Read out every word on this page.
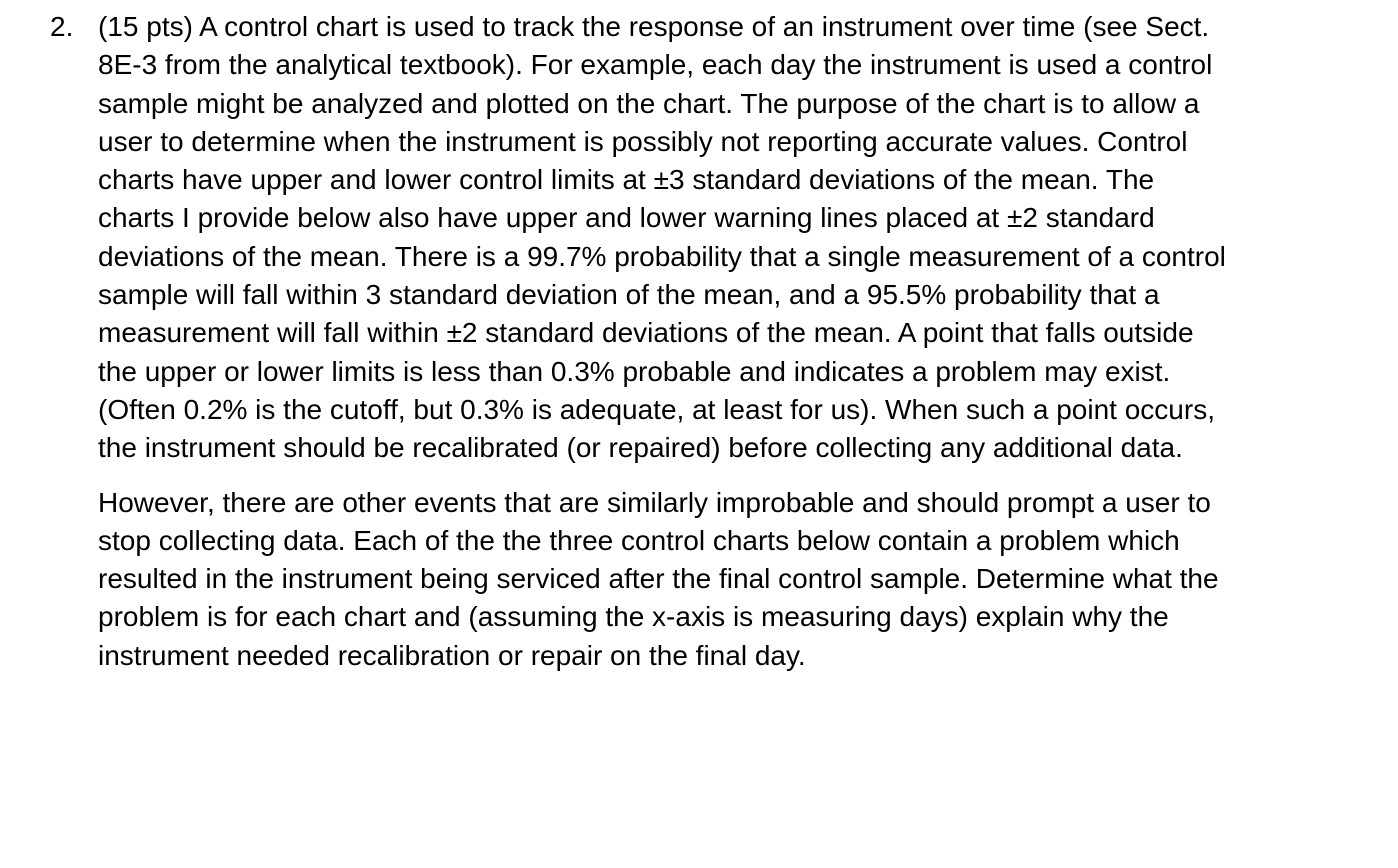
2. (15 pts) A control chart is used to track the response of an instrument over time (see Sect.
8E-3 from the analytical textbook). For example, each day the instrument is used a control
sample might be analyzed and plotted on the chart. The purpose of the chart is to allow a
user to determine when the instrument is possibly not reporting accurate values. Control
charts have upper and lower control limits at ±3 standard deviations of the mean. The
charts I provide below also have upper and lower warning lines placed at ±2 standard
deviations of the mean. There is a 99.7% probability that a single measurement of a control
sample will fall within 3 standard deviation of the mean, and a 95.5% probability that a
measurement will fall within ±2 standard deviations of the mean. A point that falls outside
the upper or lower limits is less than 0.3% probable and indicates a problem may exist.
(Often 0.2% is the cutoff, but 0.3% is adequate, at least for us). When such a point occurs,
the instrument should be recalibrated (or repaired) before collecting any additional data.

However, there are other events that are similarly improbable and should prompt a user to
stop collecting data. Each of the the three control charts below contain a problem which
resulted in the instrument being serviced after the final control sample. Determine what the
problem is for each chart and (assuming the x-axis is measuring days) explain why the
instrument needed recalibration or repair on the final day.
